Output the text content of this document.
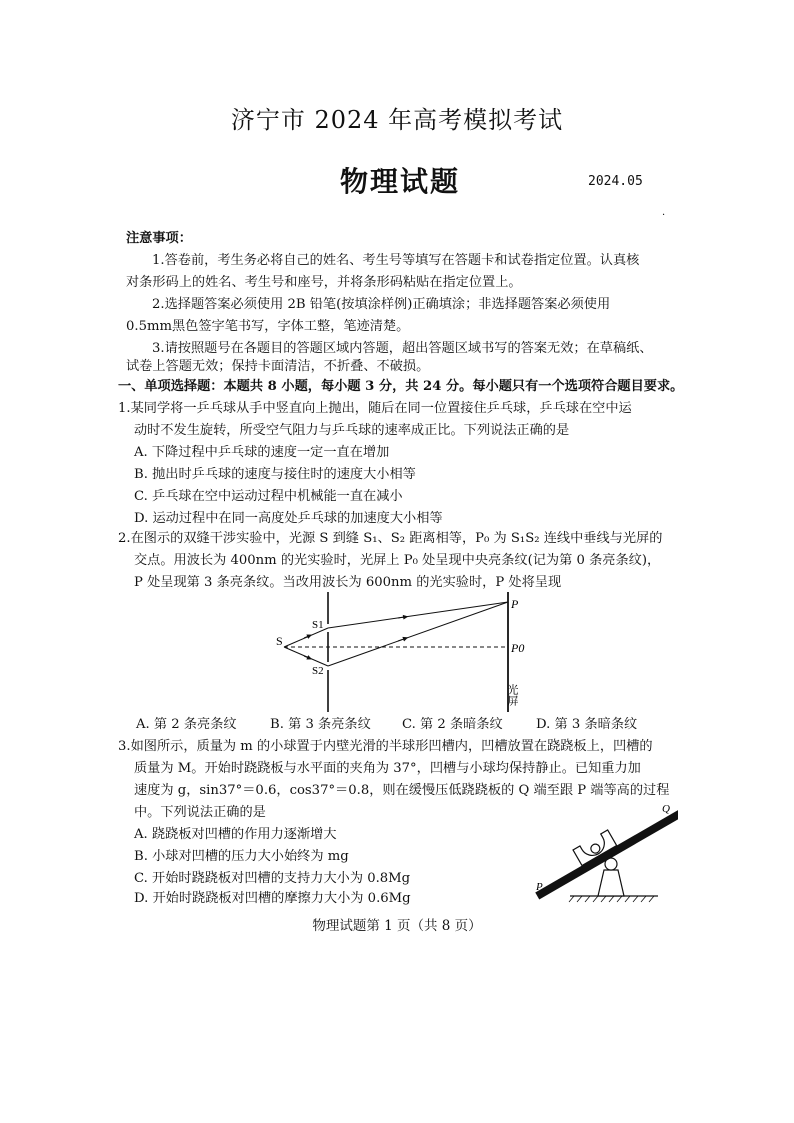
济宁市 2024 年高考模拟考试
物理试题	2024.05
·
注意事项：
1.答卷前，考生务必将自己的姓名、考生号等填写在答题卡和试卷指定位置。认真核
对条形码上的姓名、考生号和座号，并将条形码粘贴在指定位置上。
2.选择题答案必须使用 2B 铅笔(按填涂样例)正确填涂；非选择题答案必须使用
0.5mm黑色签字笔书写，字体工整，笔迹清楚。
3.请按照题号在各题目的答题区域内答题，超出答题区域书写的答案无效；在草稿纸、
试卷上答题无效；保持卡面清洁，不折叠、不破损。
一、单项选择题：本题共 8 小题，每小题 3 分，共 24 分。每小题只有一个选项符合题目要求。
1.某同学将一乒乓球从手中竖直向上抛出，随后在同一位置接住乒乓球，乒乓球在空中运
动时不发生旋转，所受空气阻力与乒乓球的速率成正比。下列说法正确的是
A. 下降过程中乒乓球的速度一定一直在增加
B. 抛出时乒乓球的速度与接住时的速度大小相等
C. 乒乓球在空中运动过程中机械能一直在减小
D. 运动过程中在同一高度处乒乓球的加速度大小相等
2.在图示的双缝干涉实验中，光源 S 到缝 S₁、S₂ 距离相等，P₀ 为 S₁S₂ 连线中垂线与光屏的
交点。用波长为 400nm 的光实验时，光屏上 P₀ 处呈现中央亮条纹(记为第 0 条亮条纹)，
P 处呈现第 3 条亮条纹。当改用波长为 600nm 的光实验时，P 处将呈现
S
S1
S2
P
P0
光屏
A. 第 2 条亮条纹	B. 第 3 条亮条纹 C. 第 2 条暗条纹	D. 第 3 条暗条纹
3.如图所示，质量为 m 的小球置于内壁光滑的半球形凹槽内，凹槽放置在跷跷板上，凹槽的
质量为 M。开始时跷跷板与水平面的夹角为 37°，凹槽与小球均保持静止。已知重力加
速度为 g，sin37°＝0.6，cos37°＝0.8，则在缓慢压低跷跷板的 Q 端至跟 P 端等高的过程
中。下列说法正确的是
A. 跷跷板对凹槽的作用力逐渐增大
B. 小球对凹槽的压力大小始终为 mg
C. 开始时跷跷板对凹槽的支持力大小为 0.8Mg
D. 开始时跷跷板对凹槽的摩擦力大小为 0.6Mg
P
Q
物理试题第 1 页（共 8 页）
